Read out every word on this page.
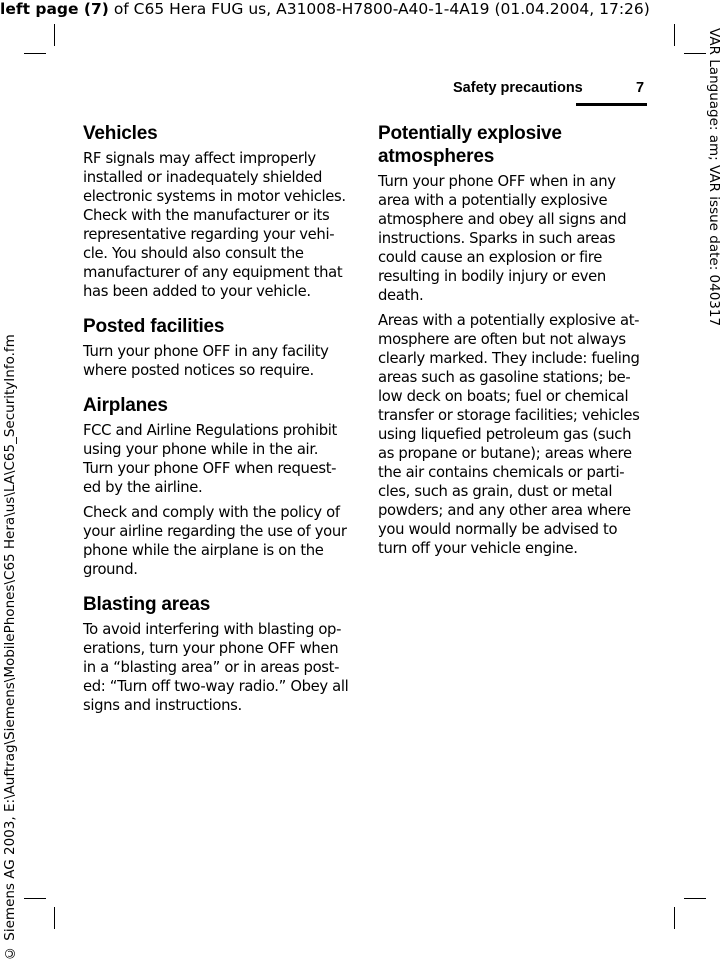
left page (7) of C65 Hera FUG us, A31008-H7800-A40-1-4A19 (01.04.2004, 17:26)
VAR Language: am; VAR issue date: 040317
© Siemens AG 2003, E:\Auftrag\Siemens\MobilePhones\C65 Hera\us\LA\C65_SecurityInfo.fm
Safety precautions	7
Vehicles

RF signals may affect improperly installed or inadequately shielded electronic systems in motor vehicles. Check with the manufacturer or its representative regarding your vehi-cle. You should also consult the manufacturer of any equipment that has been added to your vehicle.

Posted facilities

Turn your phone OFF in any facility where posted notices so require.

Airplanes

FCC and Airline Regulations prohibit using your phone while in the air. Turn your phone OFF when request-ed by the airline.

Check and comply with the policy of your airline regarding the use of your phone while the airplane is on the ground.

Blasting areas

To avoid interfering with blasting op-erations, turn your phone OFF when in a “blasting area” or in areas post-ed: “Turn off two-way radio.” Obey all signs and instructions.

Potentially explosive atmospheres

Turn your phone OFF when in any area with a potentially explosive atmosphere and obey all signs and instructions. Sparks in such areas could cause an explosion or fire resulting in bodily injury or even death.

Areas with a potentially explosive at-mosphere are often but not always clearly marked. They include: fueling areas such as gasoline stations; be-low deck on boats; fuel or chemical transfer or storage facilities; vehicles using liquefied petroleum gas (such as propane or butane); areas where the air contains chemicals or parti-cles, such as grain, dust or metal powders; and any other area where you would normally be advised to turn off your vehicle engine.
